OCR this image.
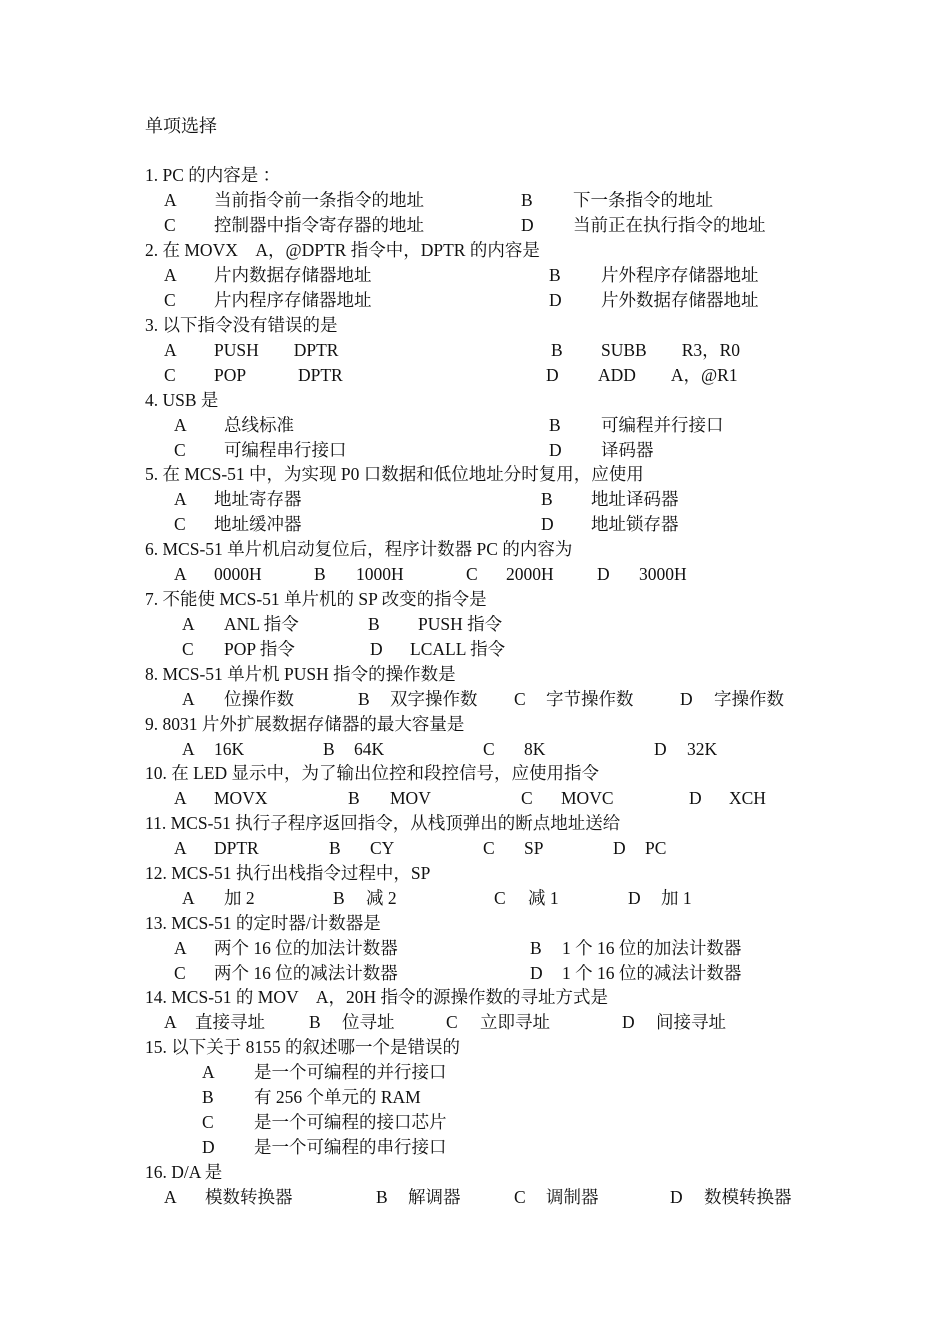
单项选择
1. PC 的内容是 ：
A 当前指令前一条指令的地址	B 下一条指令的地址
C 控制器中指令寄存器的地址	D 当前正在执行指令的地址
2. 在 MOVX　A，@DPTR 指令中，DPTR 的内容是
A 片内数据存储器地址	B 片外程序存储器地址
C 片内程序存储器地址	D 片外数据存储器地址
3. 以下指令没有错误的是
A PUSH　　DPTR	B SUBB　　R3，R0
C POP　　　DPTR	D ADD　　A，@R1
4. USB 是
A 总线标准	B 可编程并行接口
C 可编程串行接口	D 译码器
5. 在 MCS-51 中，为实现 P0 口数据和低位地址分时复用，应使用
A 地址寄存器	B 地址译码器
C 地址缓冲器	D 地址锁存器
6. MCS-51 单片机启动复位后，程序计数器 PC 的内容为
A 0000H	B 1000H	C 2000H D 3000H
7. 不能使 MCS-51 单片机的 SP 改变的指令是
A ANL 指令	B PUSH 指令
C POP 指令	D LCALL 指令
8. MCS-51 单片机 PUSH 指令的操作数是
A 位操作数	B 双字操作数 C 字节操作数	D 字操作数
9. 8031 片外扩展数据存储器的最大容量是
A 16K	B 64K	C 8K	D 32K
10. 在 LED 显示中，为了输出位控和段控信号，应使用指令
A MOVX	B MOV	C MOVC	D XCH
11. MCS-51 执行子程序返回指令，从栈顶弹出的断点地址送给
A DPTR	B CY	C SP	D PC
12. MCS-51 执行出栈指令过程中，SP
A 加 2	B 减 2	C 减 1	D 加 1
13. MCS-51 的定时器/计数器是
A 两个 16 位的加法计数器	B 1 个 16 位的加法计数器
C 两个 16 位的减法计数器	D 1 个 16 位的减法计数器
14. MCS-51 的 MOV　A，20H 指令的源操作数的寻址方式是
A 直接寻址	B 位寻址	C 立即寻址	D 间接寻址
15. 以下关于 8155 的叙述哪一个是错误的
A 是一个可编程的并行接口
B 有 256 个单元的 RAM
C 是一个可编程的接口芯片
D 是一个可编程的串行接口
16. D/A 是
A 模数转换器	B 解调器	C 调制器	D 数模转换器
